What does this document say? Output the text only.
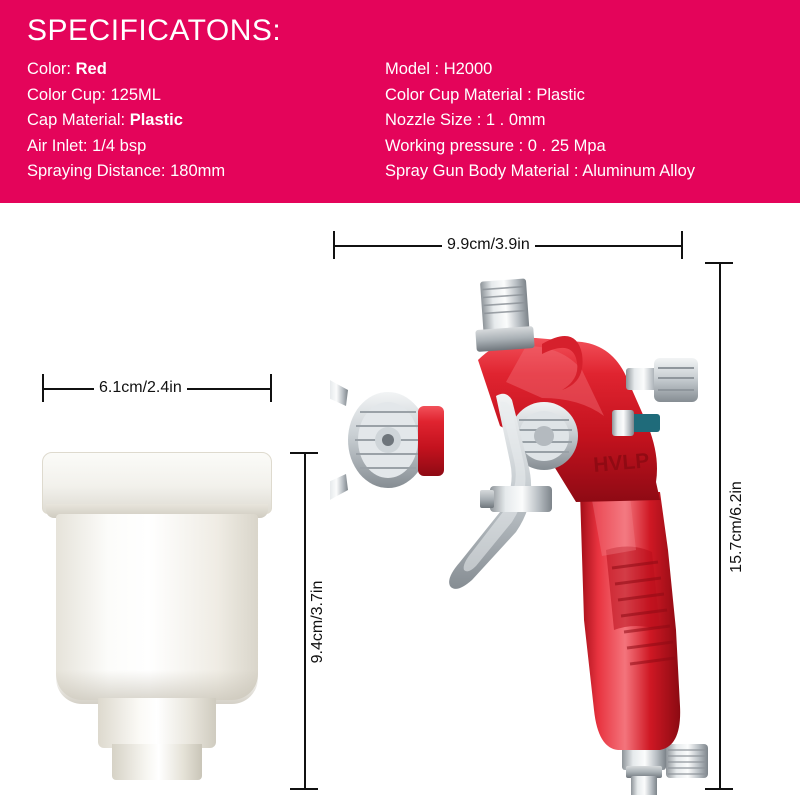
SPECIFICATONS:
Color: Red
Color Cup: 125ML
Cap Material: Plastic
Air Inlet: 1/4 bsp
Spraying Distance: 180mm
Model : H2000
Color Cup Material : Plastic
Nozzle Size : 1 . 0mm
Working pressure : 0 . 25 Mpa
Spray Gun Body Material : Aluminum Alloy
9.9cm/3.9in
15.7cm/6.2in
6.1cm/2.4in
9.4cm/3.7in
HVLP
